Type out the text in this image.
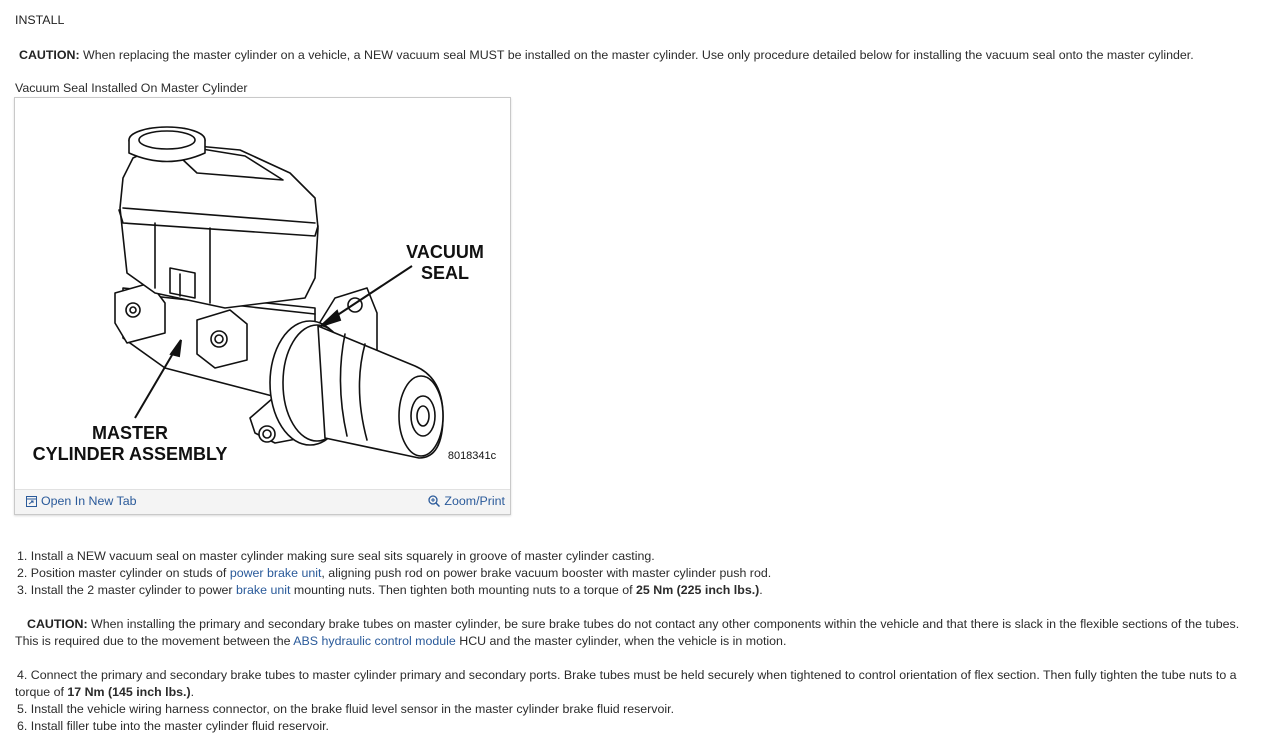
INSTALL
CAUTION: When replacing the master cylinder on a vehicle, a NEW vacuum seal MUST be installed on the master cylinder. Use only procedure detailed below for installing the vacuum seal onto the master cylinder.
Vacuum Seal Installed On Master Cylinder
VACUUM
SEAL
MASTER
CYLINDER ASSEMBLY	8018341c
Open In New Tab	Zoom/Print
1. Install a NEW vacuum seal on master cylinder making sure seal sits squarely in groove of master cylinder casting.
2. Position master cylinder on studs of power brake unit, aligning push rod on power brake vacuum booster with master cylinder push rod.
3. Install the 2 master cylinder to power brake unit mounting nuts. Then tighten both mounting nuts to a torque of 25 Nm (225 inch lbs.).
CAUTION: When installing the primary and secondary brake tubes on master cylinder, be sure brake tubes do not contact any other components within the vehicle and that there is slack in the flexible sections of the tubes. This is required due to the movement between the ABS hydraulic control module HCU and the master cylinder, when the vehicle is in motion.
4. Connect the primary and secondary brake tubes to master cylinder primary and secondary ports. Brake tubes must be held securely when tightened to control orientation of flex section. Then fully tighten the tube nuts to a torque of 17 Nm (145 inch lbs.).
5. Install the vehicle wiring harness connector, on the brake fluid level sensor in the master cylinder brake fluid reservoir.
6. Install filler tube into the master cylinder fluid reservoir.
